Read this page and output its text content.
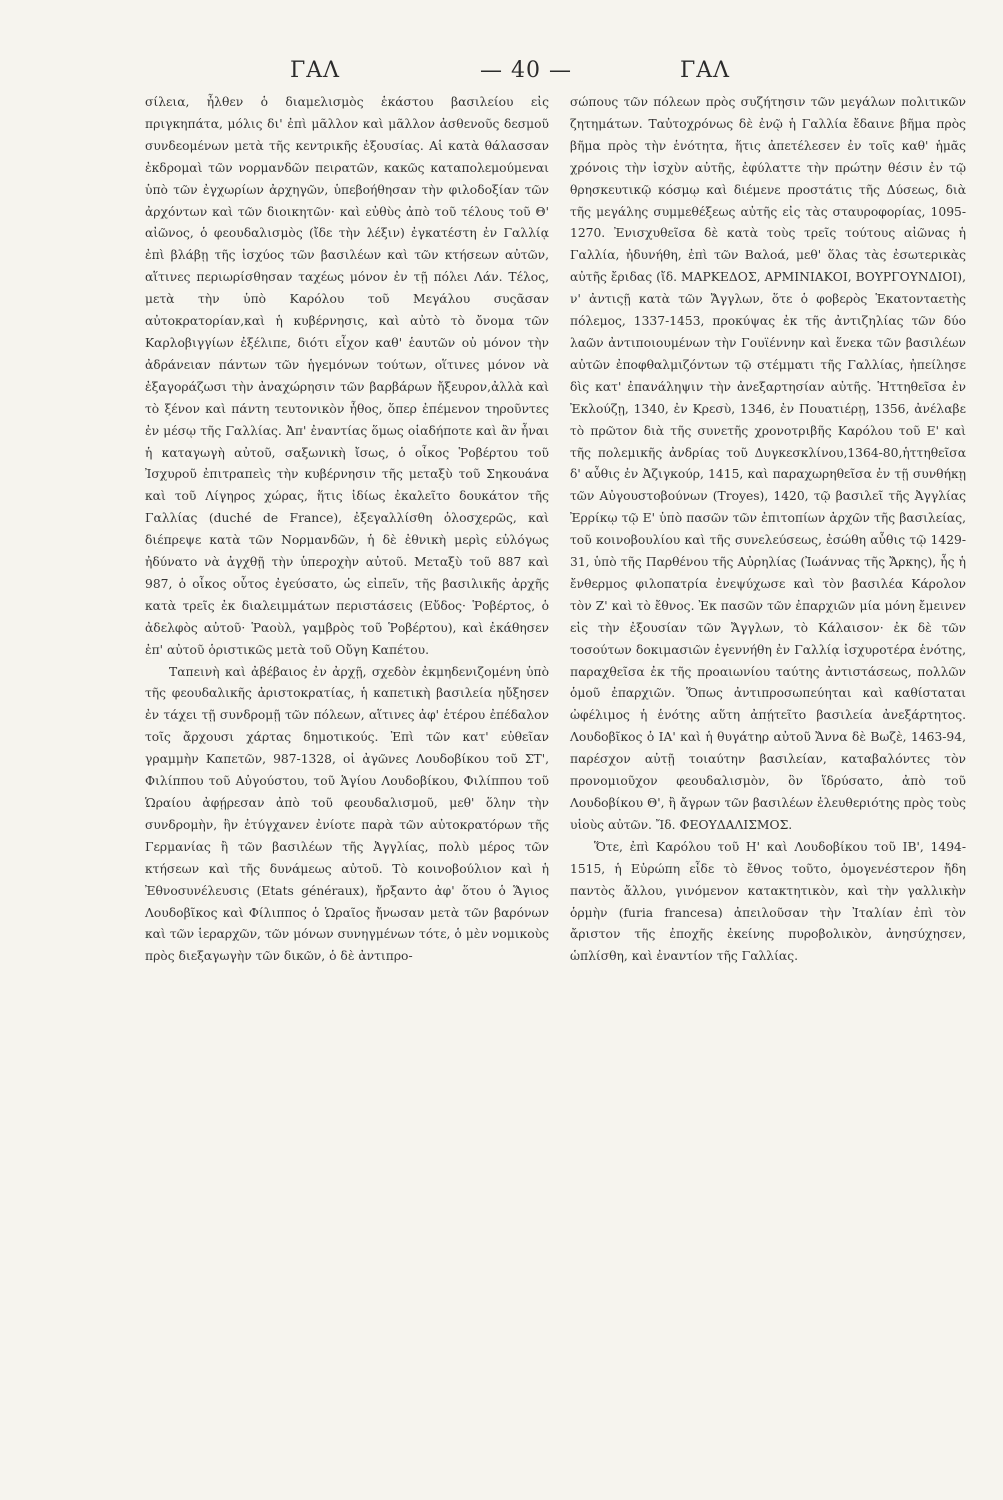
ΓΑΛ	— 40 —	ΓΑΛ

σίλεια, ἦλθεν ὁ διαμελισμὸς ἑκάστου βασιλείου εἰς πριγκηπάτα, μόλις δι' ἐπὶ μᾶλλον καὶ μᾶλλον ἀσθενοῦς δεσμοῦ συνδεομένων μετὰ τῆς κεντρικῆς ἐξουσίας. Αἱ κατὰ θάλασσαν ἐκδρομαὶ τῶν νορμανδῶν πειρατῶν, κακῶς καταπολεμούμεναι ὑπὸ τῶν ἐγχωρίων ἀρχηγῶν, ὑπεβοήθησαν τὴν φιλοδοξίαν τῶν ἀρχόντων καὶ τῶν διοικητῶν· καὶ εὐθὺς ἀπὸ τοῦ τέλους τοῦ Θ' αἰῶνος, ὁ φεουδαλισμὸς (ἴδε τὴν λέξιν) ἐγκατέστη ἐν Γαλλίᾳ ἐπὶ βλάβῃ τῆς ἰσχύος τῶν βασιλέων καὶ τῶν κτήσεων αὐτῶν, αἵτινες περιωρίσθησαν ταχέως μόνον ἐν τῇ πόλει Λάν. Τέλος, μετὰ τὴν ὑπὸ Καρόλου τοῦ Μεγάλου συςᾶσαν αὐτοκρατορίαν,καὶ ἡ κυβέρνησις, καὶ αὐτὸ τὸ ὄνομα τῶν Καρλοβιγγίων ἐξέλιπε, διότι εἶχον καθ' ἑαυτῶν οὐ μόνον τὴν ἀδράνειαν πάντων τῶν ἡγεμόνων τούτων, οἵτινες μόνον νὰ ἐξαγοράζωσι τὴν ἀναχώρησιν τῶν βαρβάρων ἤξευρον,ἀλλὰ καὶ τὸ ξένον καὶ πάντη τευτονικὸν ἦθος, ὅπερ ἐπέμενον τηροῦντες ἐν μέσῳ τῆς Γαλλίας. Ἀπ' ἐναντίας ὅμως οἱαδήποτε καὶ ἂν ἦναι ἡ καταγωγὴ αὐτοῦ, σαξωνικὴ ἴσως, ὁ οἶκος Ῥοβέρτου τοῦ Ἰσχυροῦ ἐπιτραπεὶς τὴν κυβέρνησιν τῆς μεταξὺ τοῦ Σηκουάνα καὶ τοῦ Λίγηρος χώρας, ἥτις ἰδίως ἐκαλεῖτο δουκάτον τῆς Γαλλίας (duché de France), ἐξεγαλλίσθη ὁλοσχερῶς, καὶ διέπρεψε κατὰ τῶν Νορμανδῶν, ἡ δὲ ἐθνικὴ μερὶς εὐλόγως ἠδύνατο νὰ ἀγχθῇ τὴν ὑπεροχὴν αὐτοῦ. Μεταξὺ τοῦ 887 καὶ 987, ὁ οἶκος οὗτος ἐγεύσατο, ὡς εἰπεῖν, τῆς βασιλικῆς ἀρχῆς κατὰ τρεῖς ἐκ διαλειμμάτων περιστάσεις (Εὔδος· Ῥοβέρτος, ὁ ἀδελφὸς αὐτοῦ· Ῥαοὺλ, γαμβρὸς τοῦ Ῥοβέρτου), καὶ ἐκάθησεν ἐπ' αὐτοῦ ὁριστικῶς μετὰ τοῦ Οὔγη Καπέτου.

Ταπεινὴ καὶ ἀβέβαιος ἐν ἀρχῇ, σχεδὸν ἐκμηδενιζομένη ὑπὸ τῆς φεουδαλικῆς ἀριστοκρατίας, ἡ καπετικὴ βασιλεία ηὔξησεν ἐν τάχει τῇ συνδρομῇ τῶν πόλεων, αἵτινες ἀφ' ἑτέρου ἐπέδαλον τοῖς ἄρχουσι χάρτας δημοτικούς. Ἐπὶ τῶν κατ' εὐθεῖαν γραμμὴν Καπετῶν, 987-1328, οἱ ἀγῶνες Λουδοβίκου τοῦ ΣΤ', Φιλίππου τοῦ Αὐγούστου, τοῦ Ἁγίου Λουδοβίκου, Φιλίππου τοῦ Ὡραίου ἀφῄρεσαν ἀπὸ τοῦ φεουδαλισμοῦ, μεθ' ὅλην τὴν συνδρομὴν, ἣν ἐτύγχανεν ἐνίοτε παρὰ τῶν αὐτοκρατόρων τῆς Γερμανίας ἢ τῶν βασιλέων τῆς Ἀγγλίας, πολὺ μέρος τῶν κτήσεων καὶ τῆς δυνάμεως αὐτοῦ. Τὸ κοινοβούλιον καὶ ἡ Ἐθνοσυνέλευσις (Etats généraux), ἤρξαντο ἀφ' ὅτου ὁ Ἅγιος Λουδοβῖκος καὶ Φίλιππος ὁ Ὡραῖος ἤνωσαν μετὰ τῶν βαρόνων καὶ τῶν ἱεραρχῶν, τῶν μόνων συνηγμένων τότε, ὁ μὲν νομικοὺς πρὸς διεξαγωγὴν τῶν δικῶν, ὁ δὲ ἀντιπρο-

σώπους τῶν πόλεων πρὸς συζήτησιν τῶν μεγάλων πολιτικῶν ζητημάτων. Ταὐτοχρόνως δὲ ἐνῷ ἡ Γαλλία ἔδαινε βῆμα πρὸς βῆμα πρὸς τὴν ἑνότητα, ἥτις ἀπετέλεσεν ἐν τοῖς καθ' ἡμᾶς χρόνοις τὴν ἰσχὺν αὐτῆς, ἐφύλαττε τὴν πρώτην θέσιν ἐν τῷ θρησκευτικῷ κόσμῳ καὶ διέμενε προστάτις τῆς Δύσεως, διὰ τῆς μεγάλης συμμεθέξεως αὐτῆς εἰς τὰς σταυροφορίας, 1095-1270. Ἐνισχυθεῖσα δὲ κατὰ τοὺς τρεῖς τούτους αἰῶνας ἡ Γαλλία, ἠδυνήθη, ἐπὶ τῶν Βαλοά, μεθ' ὅλας τὰς ἐσωτερικὰς αὐτῆς ἔριδας (ἴδ. ΜΑΡΚΕΔΟΣ, ΑΡΜΙΝΙΑΚΟΙ, ΒΟΥΡΓΟΥΝΔΙΟΙ), ν' ἀντιςῇ κατὰ τῶν Ἄγγλων, ὅτε ὁ φοβερὸς Ἑκατονταετὴς πόλεμος, 1337-1453, προκύψας ἐκ τῆς ἀντιζηλίας τῶν δύο λαῶν ἀντιποιουμένων τὴν Γουϊέννην καὶ ἕνεκα τῶν βασιλέων αὐτῶν ἐποφθαλμιζόντων τῷ στέμματι τῆς Γαλλίας, ἠπείλησε δὶς κατ' ἐπανάληψιν τὴν ἀνεξαρτησίαν αὐτῆς. Ἡττηθεῖσα ἐν Ἐκλούζῃ, 1340, ἐν Κρεσὺ, 1346, ἐν Πουατιέρῃ, 1356, ἀνέλαβε τὸ πρῶτον διὰ τῆς συνετῆς χρονοτριβῆς Καρόλου τοῦ Ε' καὶ τῆς πολεμικῆς ἀνδρίας τοῦ Δυγκεσκλίνου,1364-80,ἡττηθεῖσα δ' αὖθις ἐν Ἀζιγκούρ, 1415, καὶ παραχωρηθεῖσα ἐν τῇ συνθήκῃ τῶν Αὐγουστοβούνων (Troyes), 1420, τῷ βασιλεῖ τῆς Ἀγγλίας Ἐρρίκῳ τῷ Ε' ὑπὸ πασῶν τῶν ἐπιτοπίων ἀρχῶν τῆς βασιλείας, τοῦ κοινοβουλίου καὶ τῆς συνελεύσεως, ἐσώθη αὖθις τῷ 1429-31, ὑπὸ τῆς Παρθένου τῆς Αὐρηλίας (Ἰωάννας τῆς Ἄρκης), ἧς ἡ ἔνθερμος φιλοπατρία ἐνεψύχωσε καὶ τὸν βασιλέα Κάρολον τὸν Ζ' καὶ τὸ ἔθνος. Ἐκ πασῶν τῶν ἐπαρχιῶν μία μόνη ἔμεινεν εἰς τὴν ἐξουσίαν τῶν Ἄγγλων, τὸ Κάλαισον· ἐκ δὲ τῶν τοσούτων δοκιμασιῶν ἐγεννήθη ἐν Γαλλίᾳ ἰσχυροτέρα ἑνότης, παραχθεῖσα ἐκ τῆς προαιωνίου ταύτης ἀντιστάσεως, πολλῶν ὁμοῦ ἐπαρχιῶν. Ὅπως ἀντιπροσωπεύηται καὶ καθίσταται ὠφέλιμος ἡ ἑνότης αὕτη ἀπῄτεῖτο βασιλεία ἀνεξάρτητος. Λουδοβῖκος ὁ ΙΑ' καὶ ἡ θυγάτηρ αὐτοῦ Ἄννα δὲ Βωζὲ, 1463-94, παρέσχον αὐτῇ τοιαύτην βασιλείαν, καταβαλόντες τὸν προνομιοῦχον φεουδαλισμὸν, ὃν ἵδρύσατο, ἀπὸ τοῦ Λουδοβίκου Θ', ἢ ἄγρων τῶν βασιλέων ἐλευθεριότης πρὸς τοὺς υἱοὺς αὐτῶν. Ἴδ. ΦΕΟΥΔΑΛΙΣΜΟΣ.

Ὅτε, ἐπὶ Καρόλου τοῦ Η' καὶ Λουδοβίκου τοῦ ΙΒ', 1494-1515, ἡ Εὐρώπη εἶδε τὸ ἔθνος τοῦτο, ὁμογενέστερον ἤδη παντὸς ἄλλου, γινόμενον κατακτητικὸν, καὶ τὴν γαλλικὴν ὁρμὴν (furia francesa) ἀπειλοῦσαν τὴν Ἰταλίαν ἐπὶ τὸν ἄριστον τῆς ἐποχῆς ἐκείνης πυροβολικὸν, ἀνησύχησεν, ὡπλίσθη, καὶ ἐναντίον τῆς Γαλλίας.
